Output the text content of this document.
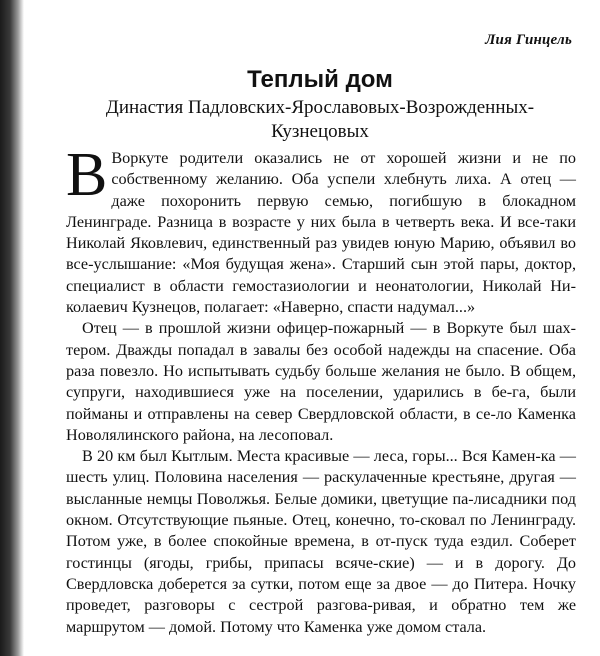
Лия Гинцель
Теплый дом
Династия Падловских-Ярославовых-Возрожденных-Кузнецовых

В Воркуте родители оказались не от хорошей жизни и не по собственному желанию. Оба успели хлебнуть лиха. А отец — даже похоронить первую семью, погибшую в блокадном Ленинграде. Разница в возрасте у них была в четверть века. И все-таки Николай Яковлевич, единственный раз увидев юную Марию, объявил во все-услышание: «Моя будущая жена». Старший сын этой пары, доктор, специалист в области гемостазиологии и неонатологии, Николай Ни-колаевич Кузнецов, полагает: «Наверно, спасти надумал...»

Отец — в прошлой жизни офицер-пожарный — в Воркуте был шах-тером. Дважды попадал в завалы без особой надежды на спасение. Оба раза повезло. Но испытывать судьбу больше желания не было. В общем, супруги, находившиеся уже на поселении, ударились в бе-га, были пойманы и отправлены на север Свердловской области, в се-ло Каменка Новолялинского района, на лесоповал.

В 20 км был Кытлым. Места красивые — леса, горы... Вся Камен-ка — шесть улиц. Половина населения — раскулаченные крестьяне, другая — высланные немцы Поволжья. Белые домики, цветущие па-лисадники под окном. Отсутствующие пьяные. Отец, конечно, то-сковал по Ленинграду. Потом уже, в более спокойные времена, в от-пуск туда ездил. Соберет гостинцы (ягоды, грибы, припасы всяче-ские) — и в дорогу. До Свердловска доберется за сутки, потом еще за двое — до Питера. Ночку проведет, разговоры с сестрой разгова-ривая, и обратно тем же маршрутом — домой. Потому что Каменка уже домом стала.
